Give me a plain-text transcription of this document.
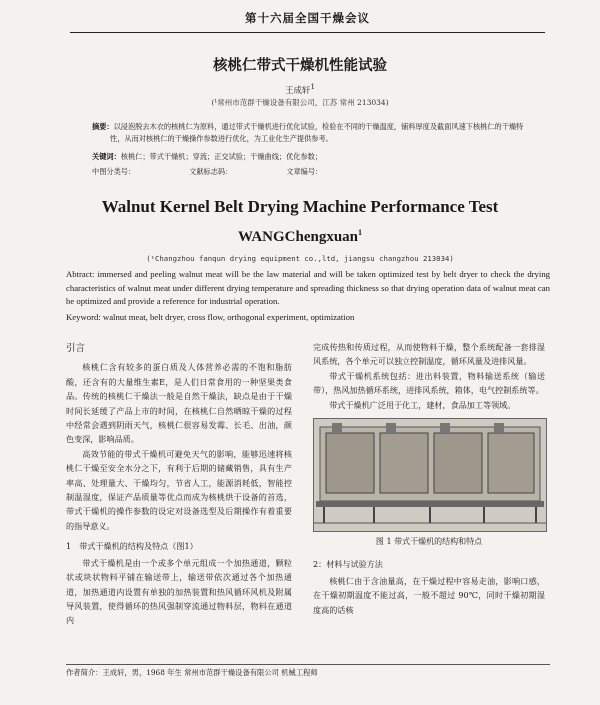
第十六届全国干燥会议
核桃仁带式干燥机性能试验
王成轩$^1$
(¹常州市范群干燥设备有限公司，江苏 常州 213034)
摘要：以浸泡脱去木衣的核桃仁为原料，通过带式干燥机进行优化试验，检验在不同的干燥温度，铺料厚度及截面风速下核桃仁的干燥特性，从而对核桃仁的干燥操作参数进行优化，为工业化生产提供参考。
关键词：核桃仁；带式干燥机；穿流；正交试验；干燥曲线；优化参数；
中图分类号：	文献标志码：	文章编号：
Walnut Kernel Belt Drying Machine Performance Test
WANGChengxuan$^1$
(¹Changzhou fanqun drying equipment co.,ltd, jiangsu changzhou 213034)
Abtract: immersed and peeling walnut meat will be the law material and will be taken optimized test by belt dryer to check the drying characteristics of walnut meat under different drying temperature and spreading thickness so that drying operation data of walnut meat can be optimized and provide a reference for industrial operation.
Keyword: walnut meat, belt dryer, cross flow, orthogonal experiment, optimization
引言

核桃仁含有较多的蛋白质及人体营养必需的不饱和脂肪酸，还含有的大量维生素E，是人们日常食用的一种坚果类食品。传统的核桃仁干燥法一般是自然干燥法，缺点是由于干燥时间长延缓了产品上市的时间，在核桃仁自然晒晾干燥的过程中经常会遇到阴雨天气，核桃仁很容易发霉、长毛、出油，颜色变深，影响品质。

高效节能的带式干燥机可避免天气的影响，能够迅速将核桃仁干燥至安全水分之下，有利于后期的储藏销售，具有生产率高、处理量大、干燥均匀，节省人工，能源消耗低，智能控制温湿度，保证产品质量等优点而成为核桃烘干设备的首选，带式干燥机的操作参数的设定对设备选型及后期操作有着重要的指导意义。

1　带式干燥机的结构及特点（图1）

带式干燥机是由一个或多个单元组成一个加热通道，颗粒状或块状物料平铺在输送带上，输送带依次通过各个加热通道，加热通道内设置有单独的加热装置和热风循环风机及附属导风装置，使得循环的热风强制穿流通过物料层，物料在通道内

完成传热和传质过程，从而使物料干燥，整个系统配备一套排湿风系统，各个单元可以独立控制温度，循环风量及进排风量。

带式干燥机系统包括：进出料装置，物料输送系统（输送带），热风加热循环系统，进排风系统，箱体，电气控制系统等。

带式干燥机广泛用于化工，建材，食品加工等领域。

图 1 带式干燥机的结构和特点
2：材料与试验方法

核桃仁由于含油量高，在干燥过程中容易走油，影响口感，在干燥初期温度不能过高，一般不超过 90℃，同时干燥初期湿度高的话核

作者简介：王成轩，男，1968 年生 常州市范群干燥设备有限公司 机械工程师
